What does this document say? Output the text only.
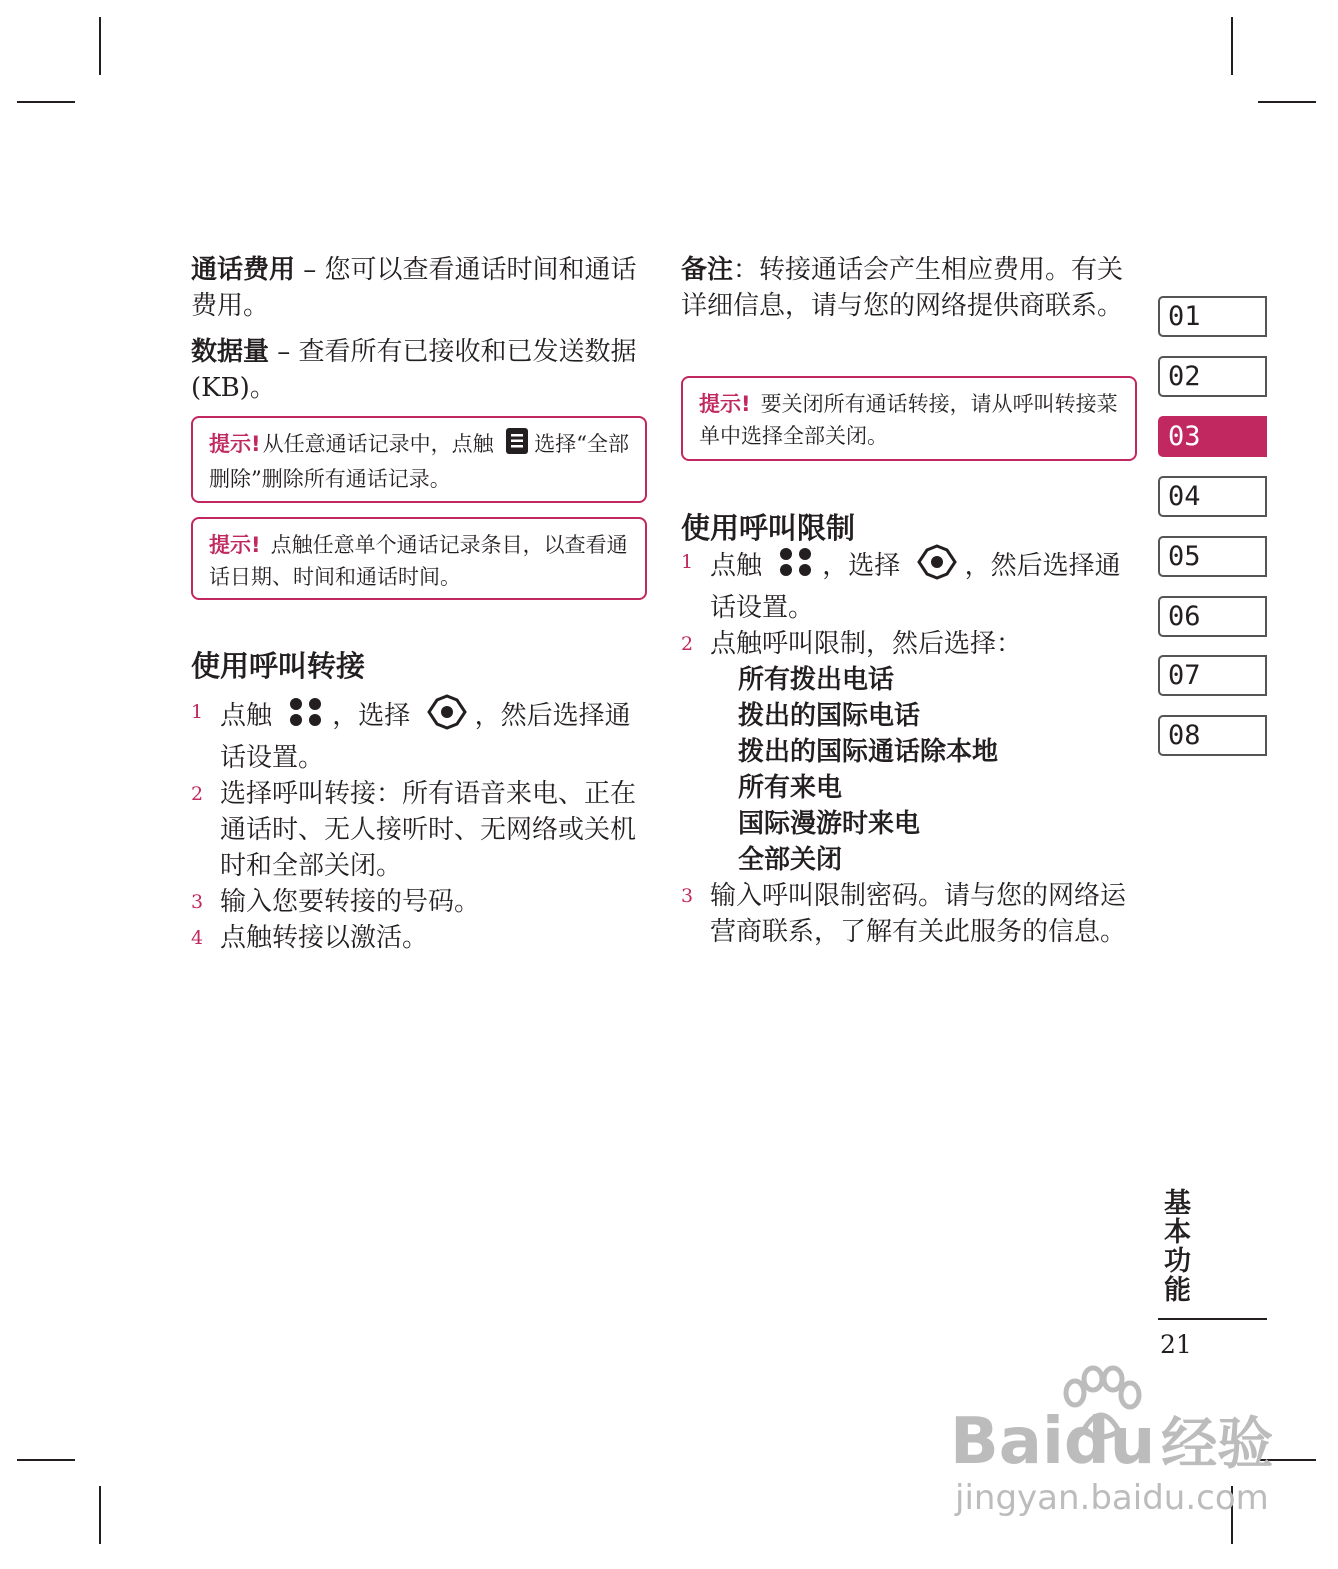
通话费用 – 您可以查看通话时间和通话费用。

数据量 – 查看所有已接收和已发送数据 (KB)。

提示!从任意通话记录中，点触 选择“全部删除”删除所有通话记录。
提示! 点触任意单个通话记录条目，以查看通话日期、时间和通话时间。
使用呼叫转接
1 点触 ，选择 ，然后选择通话设置。
2 选择呼叫转接：所有语音来电、正在通话时、无人接听时、无网络或关机时和全部关闭。
3 输入您要转接的号码。
4 点触转接以激活。

备注：转接通话会产生相应费用。有关详细信息，请与您的网络提供商联系。

提示! 要关闭所有通话转接，请从呼叫转接菜单中选择全部关闭。
使用呼叫限制
1 点触 ，选择 ，然后选择通话设置。
2 点触呼叫限制，然后选择：
所有拨出电话
拨出的国际电话
拨出的国际通话除本地
所有来电
国际漫游时来电
全部关闭
3 输入呼叫限制密码。请与您的网络运营商联系，了解有关此服务的信息。
01
02
03
04
05
06
07
08
基本功能
21
Baidu 经验
jingyan.baidu.com
